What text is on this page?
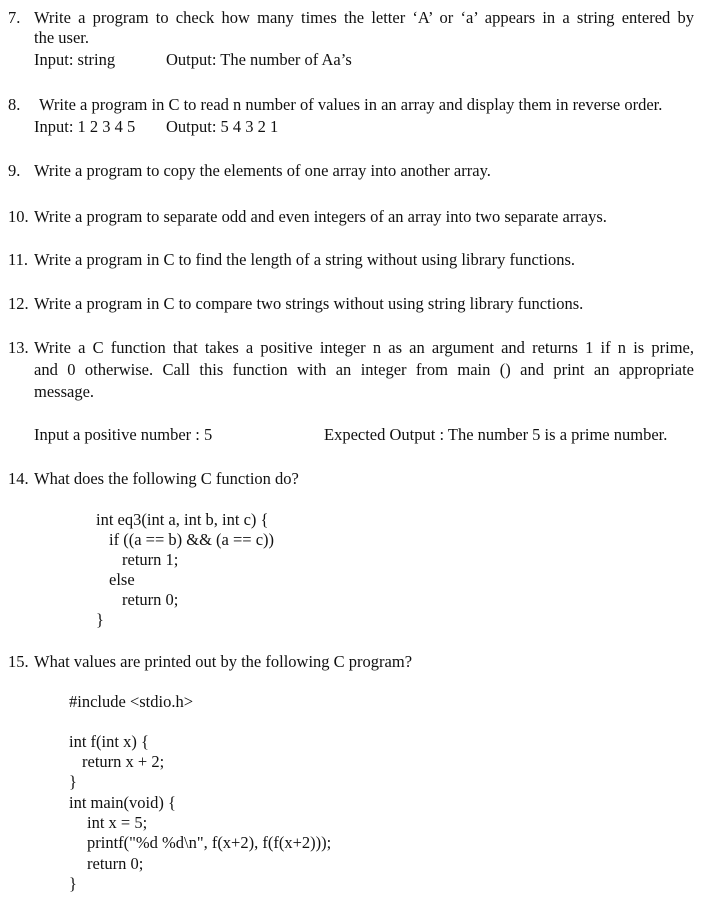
7. Write a program to check how many times the letter ‘A’ or ‘a’ appears in a string entered by
the user.
Input: string	Output: The number of Aa’s
8. Write a program in C to read n number of values in an array and display them in reverse order.
Input: 1 2 3 4 5 Output: 5 4 3 2 1
9. Write a program to copy the elements of one array into another array.
10. Write a program to separate odd and even integers of an array into two separate arrays.
11. Write a program in C to find the length of a string without using library functions.
12. Write a program in C to compare two strings without using string library functions.
13. Write a C function that takes a positive integer n as an argument and returns 1 if n is prime,
and 0 otherwise. Call this function with an integer from main () and print an appropriate
message.
Input a positive number : 5	Expected Output : The number 5 is a prime number.
14. What does the following C function do?
int eq3(int a, int b, int c) {
if ((a == b) && (a == c))
return 1;
else
return 0;
}
15. What values are printed out by the following C program?
#include <stdio.h>
int f(int x) {
return x + 2;
}
int main(void) {
int x = 5;
printf("%d %d\n", f(x+2), f(f(x+2)));
return 0;
}
